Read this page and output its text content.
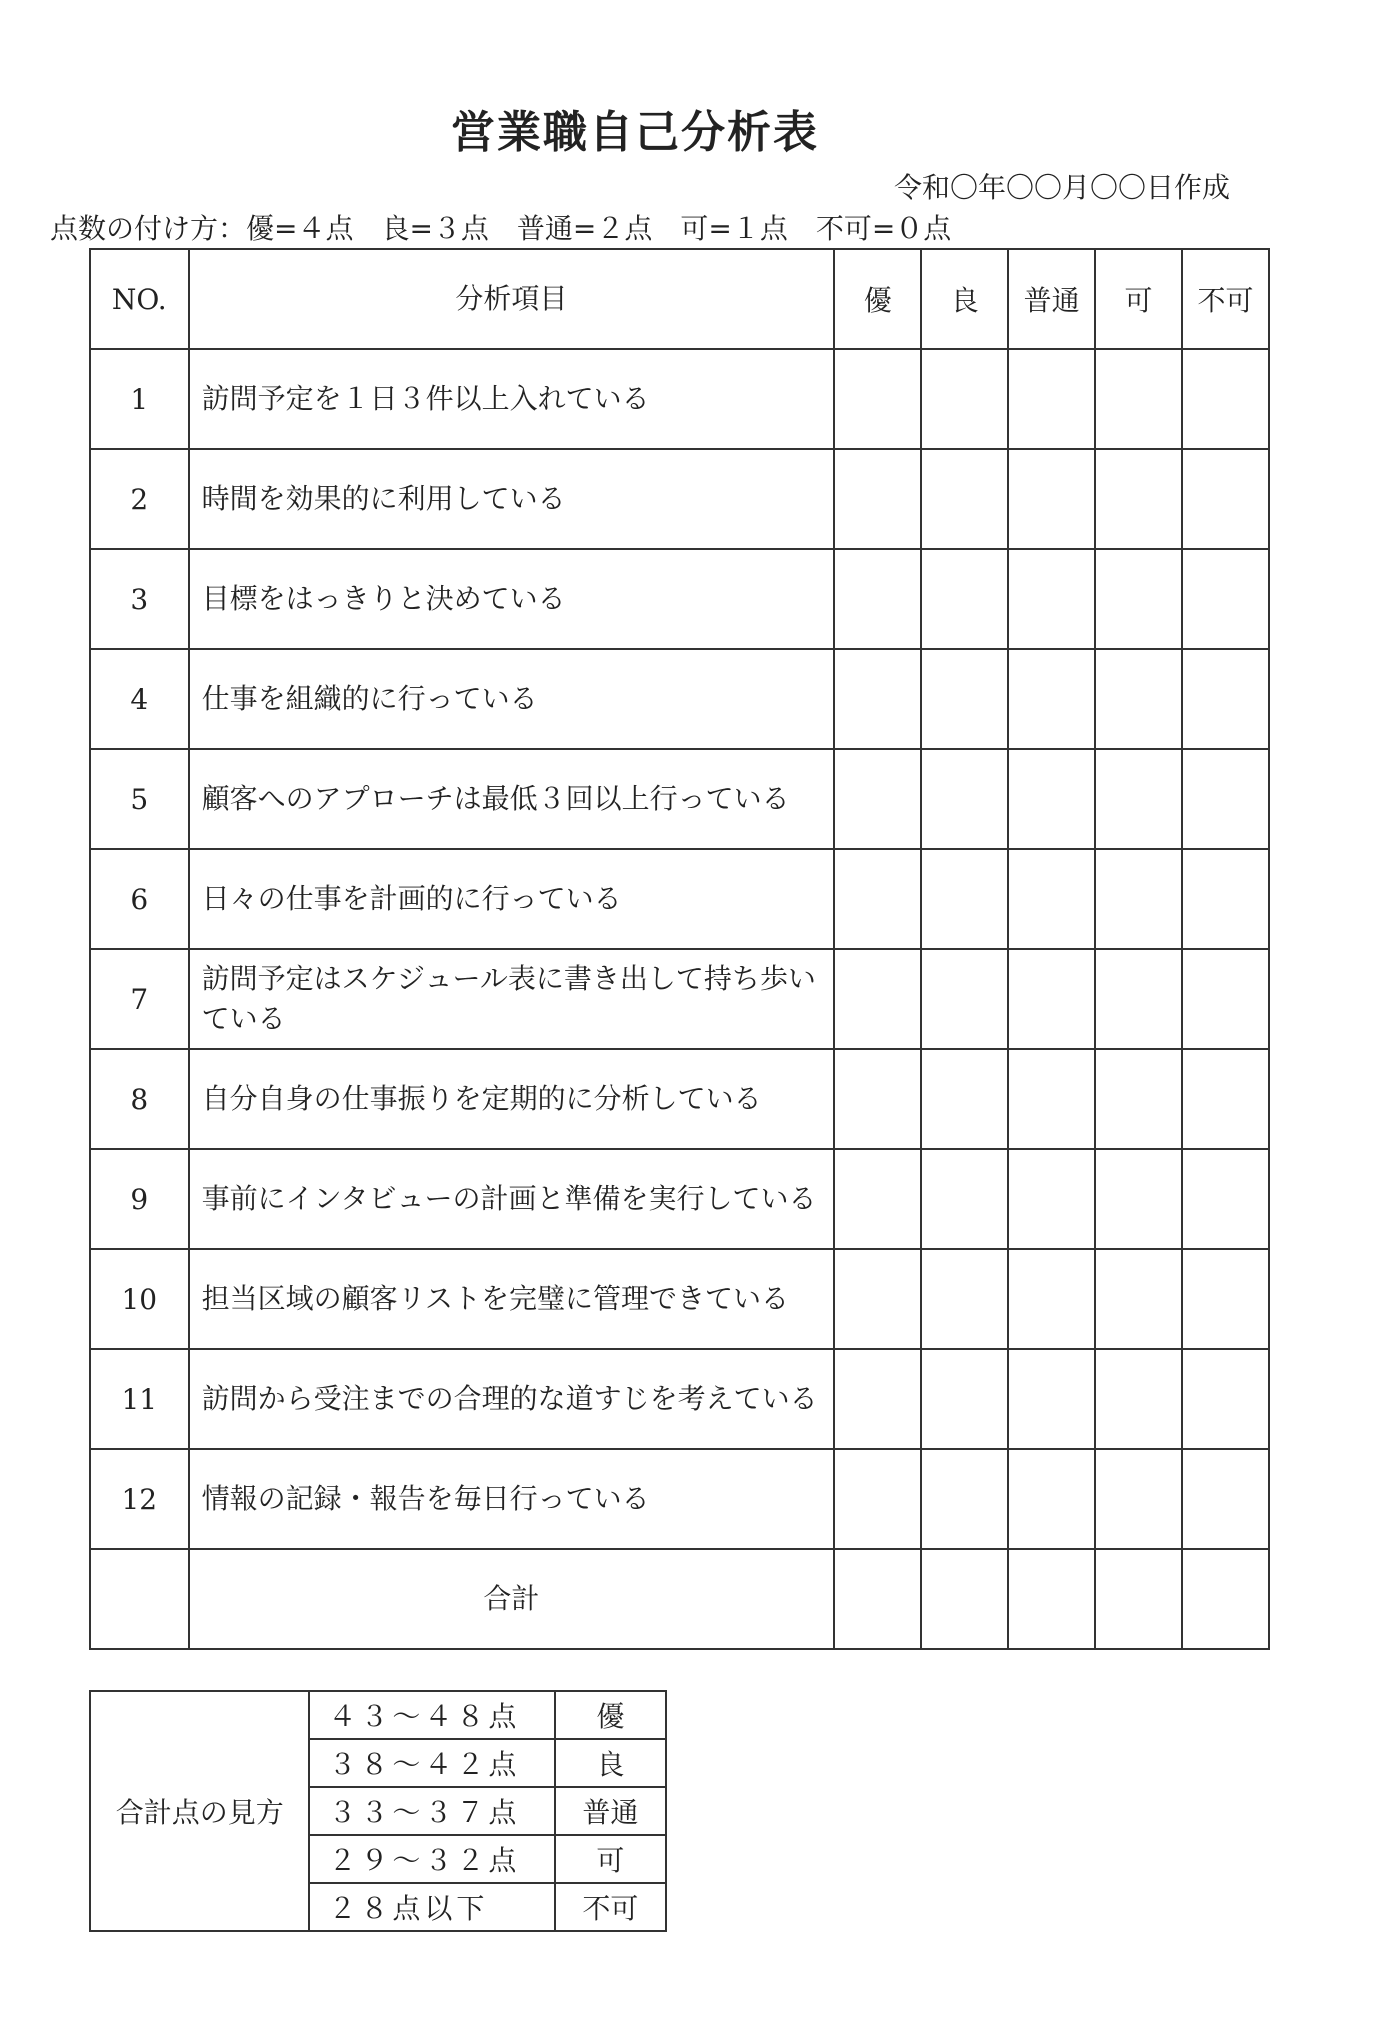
営業職自己分析表
令和〇年〇〇月〇〇日作成
点数の付け方：優=４点　良=３点　普通=２点　可=１点　不可=０点
NO.	分析項目	優	良	普通	可	不可
1	訪問予定を１日３件以上入れている					
2	時間を効果的に利用している					
3	目標をはっきりと決めている					
4	仕事を組織的に行っている					
5	顧客へのアプローチは最低３回以上行っている					
6	日々の仕事を計画的に行っている					
7	訪問予定はスケジュール表に書き出して持ち歩いている					
8	自分自身の仕事振りを定期的に分析している					
9	事前にインタビューの計画と準備を実行している					
10	担当区域の顧客リストを完璧に管理できている					
11	訪問から受注までの合理的な道すじを考えている					
12	情報の記録・報告を毎日行っている					
	合計					
合計点の見方	４３～４８点	優
	３８～４２点	良
	３３～３７点	普通
	２９～３２点	可
	２８点以下	不可
